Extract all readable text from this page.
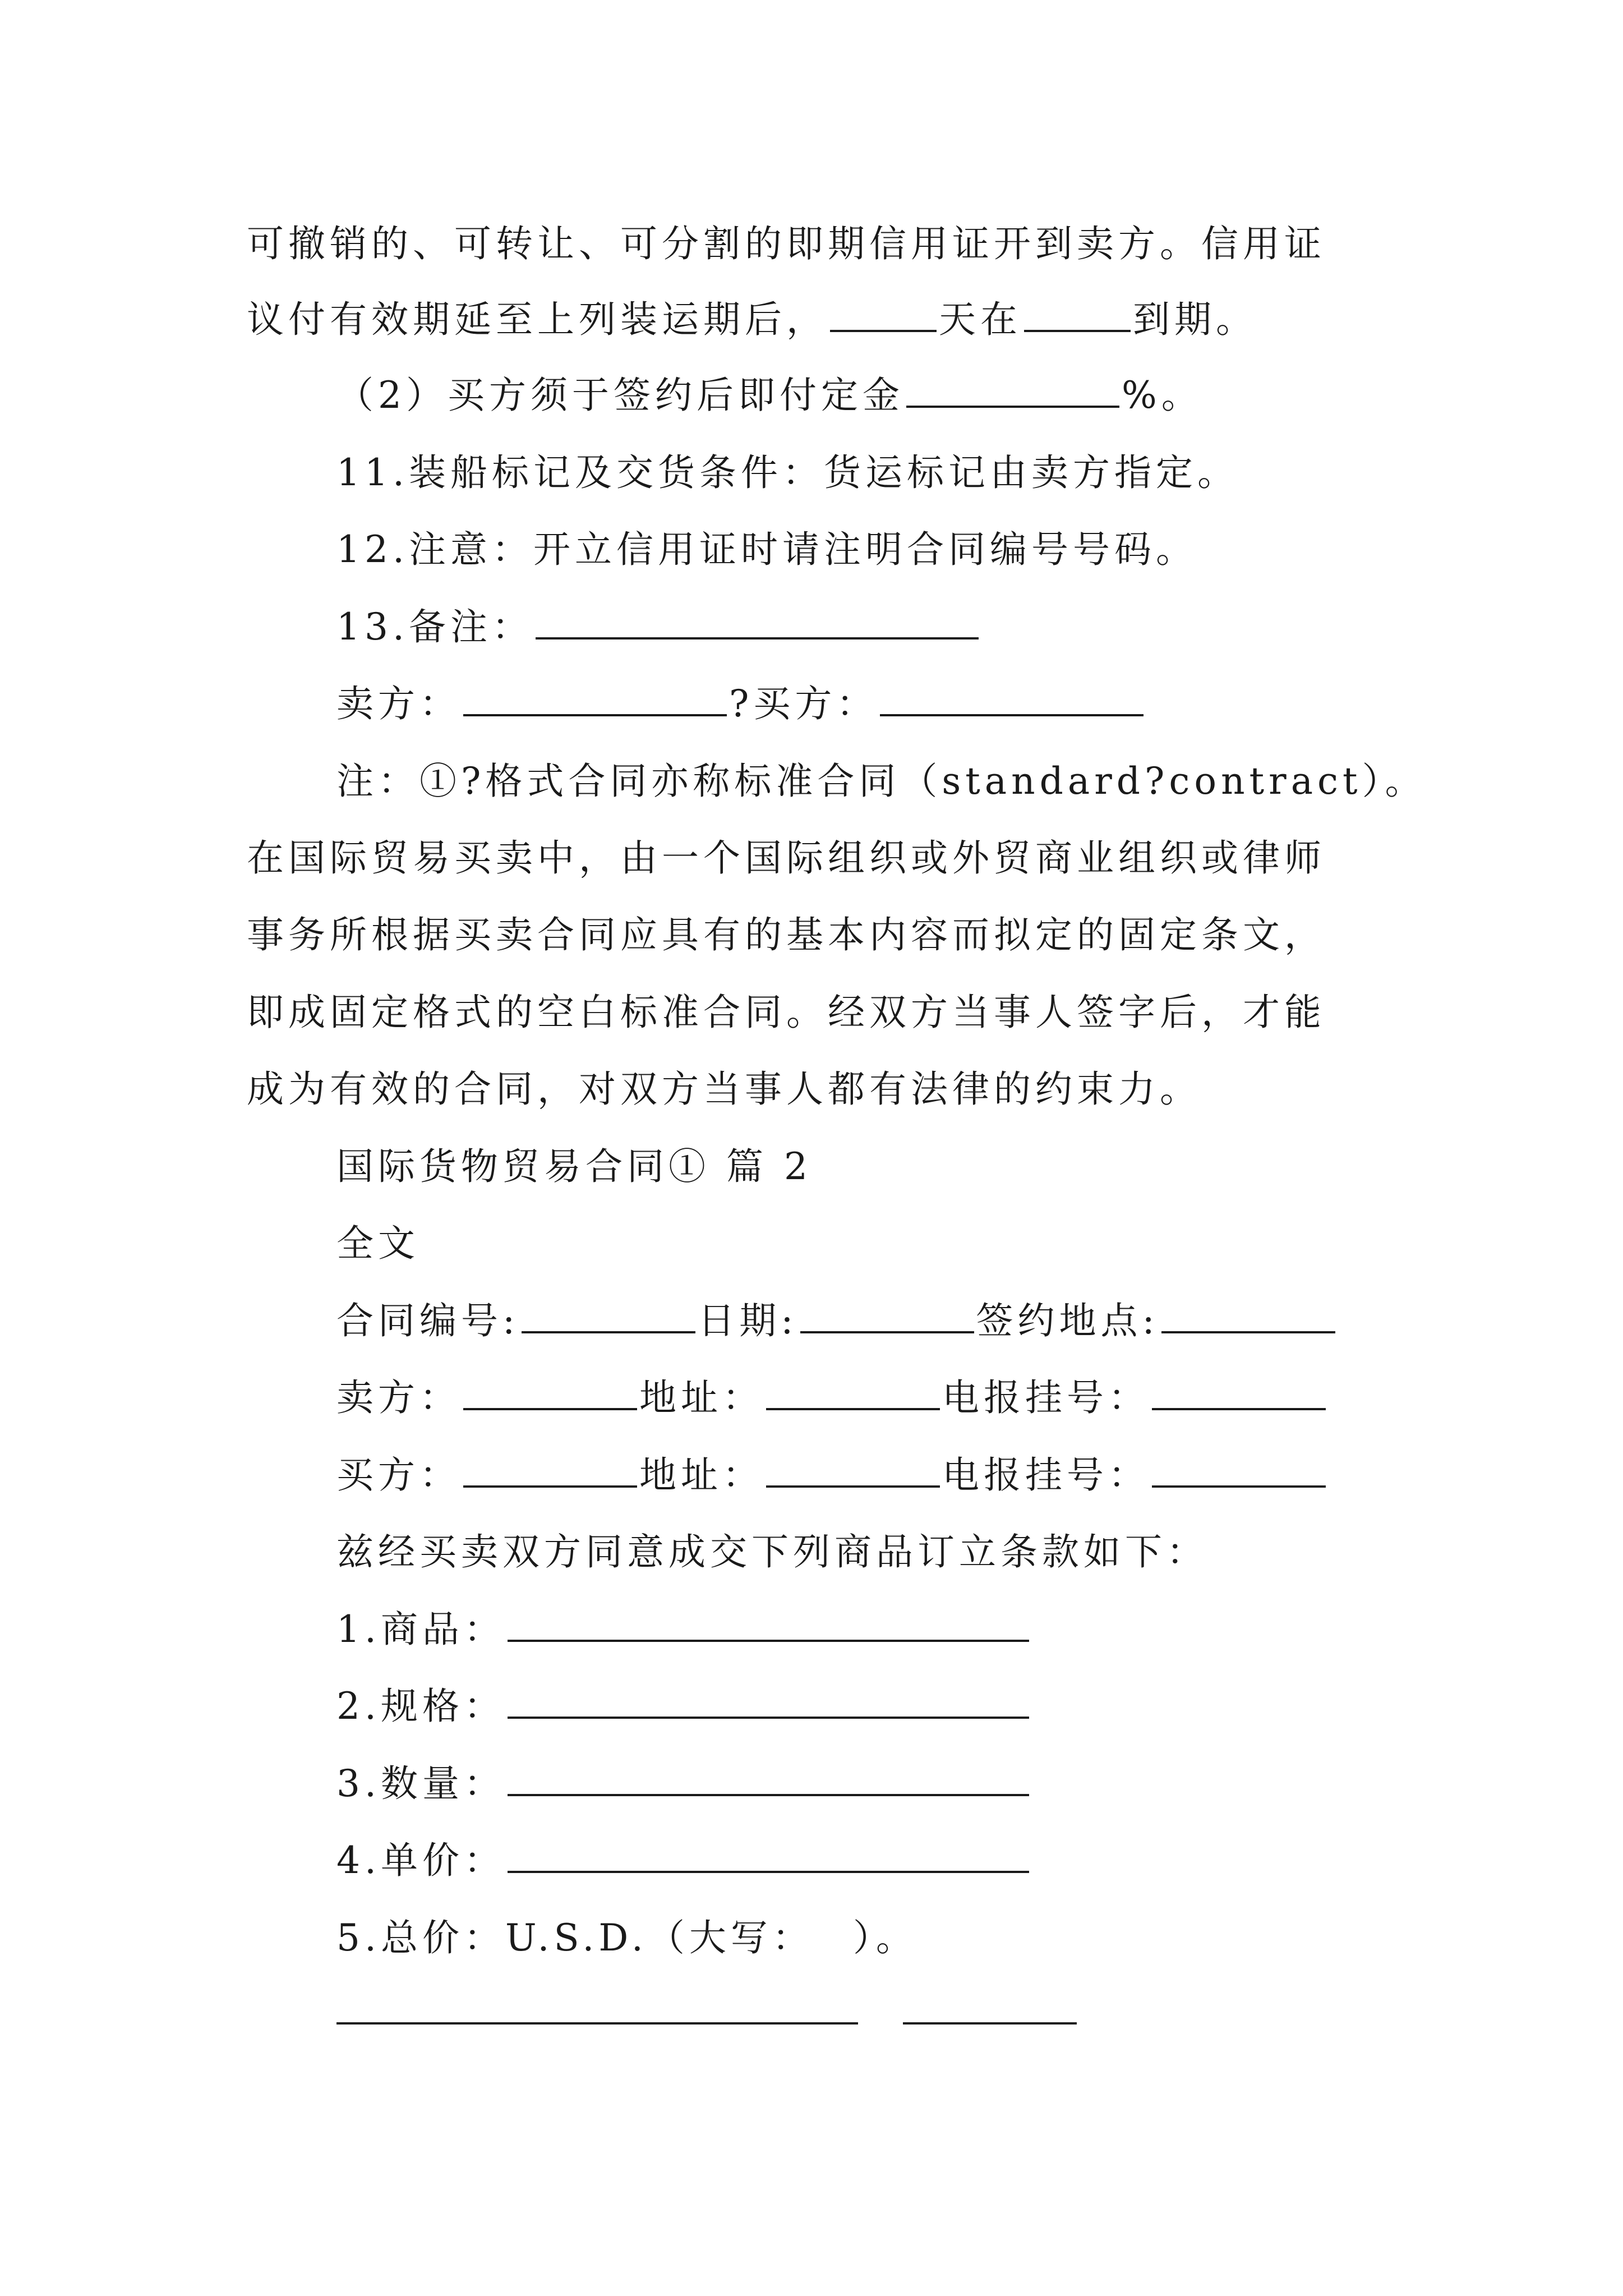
可撤销的、可转让、可分割的即期信用证开到卖方。信用证
议付有效期延至上列装运期后，	天在	到期。
（2）买方须于签约后即付定金	%。
11.装船标记及交货条件：货运标记由卖方指定。
12.注意：开立信用证时请注明合同编号号码。
13.备注：
卖方：	?买方：
注：①?格式合同亦称标准合同（standard?contract）。
在国际贸易买卖中，由一个国际组织或外贸商业组织或律师
事务所根据买卖合同应具有的基本内容而拟定的固定条文，
即成固定格式的空白标准合同。经双方当事人签字后，才能
成为有效的合同，对双方当事人都有法律的约束力。
国际货物贸易合同① 篇 2
全文
合同编号:	日期:	签约地点:
卖方：	地址：	电报挂号：
买方：	地址：	电报挂号：
兹经买卖双方同意成交下列商品订立条款如下：
1.商品：
2.规格：
3.数量：
4.单价：
5.总价：U.S.D.（大写：　 ）。
